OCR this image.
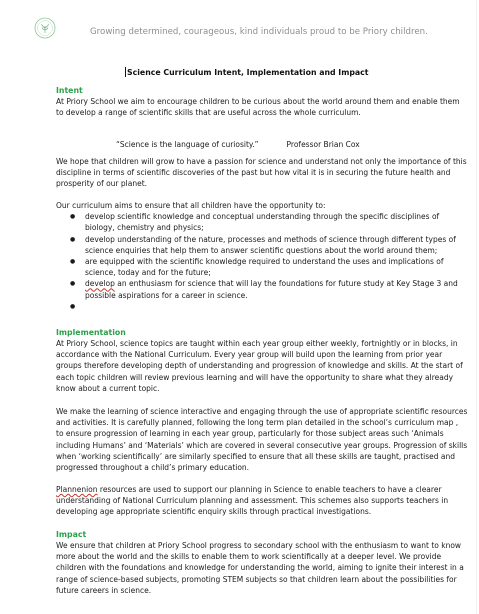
Growing determined, courageous, kind individuals proud to be Priory children.
Science Curriculum Intent, Implementation and Impact
Intent

At Priory School we aim to encourage children to be curious about the world around them and enable them to develop a range of scientific skills that are useful across the whole curriculum.

“Science is the language of curiosity.”	Professor Brian Cox

We hope that children will grow to have a passion for science and understand not only the importance of this discipline in terms of scientific discoveries of the past but how vital it is in securing the future health and prosperity of our planet.

Our curriculum aims to ensure that all children have the opportunity to:

● develop scientific knowledge and conceptual understanding through the specific disciplines of biology, chemistry and physics;
● develop understanding of the nature, processes and methods of science through different types of science enquiries that help them to answer scientific questions about the world around them;
● are equipped with the scientific knowledge required to understand the uses and implications of science, today and for the future;
● develop an enthusiasm for science that will lay the foundations for future study at Key Stage 3 and possible aspirations for a career in science.
●
Implementation

At Priory School, science topics are taught within each year group either weekly, fortnightly or in blocks, in accordance with the National Curriculum. Every year group will build upon the learning from prior year groups therefore developing depth of understanding and progression of knowledge and skills. At the start of each topic children will review previous learning and will have the opportunity to share what they already know about a current topic.

We make the learning of science interactive and engaging through the use of appropriate scientific resources and activities. It is carefully planned, following the long term plan detailed in the school’s curriculum map , to ensure progression of learning in each year group, particularly for those subject areas such ‘Animals including Humans’ and ‘Materials’ which are covered in several consecutive year groups. Progression of skills when ‘working scientifically’ are similarly specified to ensure that all these skills are taught, practised and progressed throughout a child’s primary education.

Plannenion resources are used to support our planning in Science to enable teachers to have a clearer understanding of National Curriculum planning and assessment. This schemes also supports teachers in developing age appropriate scientific enquiry skills through practical investigations.

Impact

We ensure that children at Priory School progress to secondary school with the enthusiasm to want to know more about the world and the skills to enable them to work scientifically at a deeper level. We provide children with the foundations and knowledge for understanding the world, aiming to ignite their interest in a range of science-based subjects, promoting STEM subjects so that children learn about the possibilities for future careers in science.
